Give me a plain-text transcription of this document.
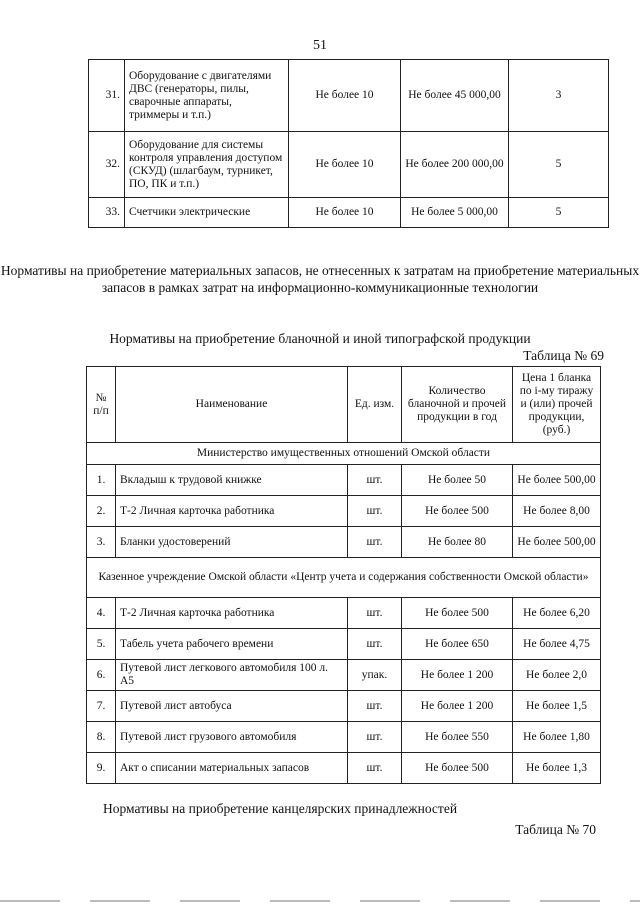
51
31.	Оборудование с двигателями ДВС (генераторы, пилы, сварочные аппараты, триммеры и т.п.)	Не более 10	Не более 45 000,00	3
32.	Оборудование для системы контроля управления доступом (СКУД) (шлагбаум, турникет, ПО, ПК и т.п.)	Не более 10	Не более 200 000,00	5
33.	Счетчики электрические	Не более 10	Не более 5 000,00	5
Нормативы на приобретение материальных запасов, не отнесенных к затратам на приобретение материальных запасов в рамках затрат на информационно-коммуникационные технологии
Нормативы на приобретение бланочной и иной типографской продукции
Таблица № 69
№ п/п	Наименование	Ед. изм.	Количество бланочной и прочей продукции в год	Цена 1 бланка по i-му тиражу и (или) прочей продукции, (руб.)
Министерство имущественных отношений Омской области				
1.	Вкладыш к трудовой книжке	шт.	Не более 50	Не более 500,00
2.	Т-2 Личная карточка работника	шт.	Не более 500	Не более 8,00
3.	Бланки удостоверений	шт.	Не более 80	Не более 500,00
Казенное учреждение Омской области «Центр учета и содержания собственности Омской области»				
4.	Т-2 Личная карточка работника	шт.	Не более 500	Не более 6,20
5.	Табель учета рабочего времени	шт.	Не более 650	Не более 4,75
6.	Путевой лист легкового автомобиля 100 л. А5	упак.	Не более 1 200	Не более 2,0
7.	Путевой лист автобуса	шт.	Не более 1 200	Не более 1,5
8.	Путевой лист грузового автомобиля	шт.	Не более 550	Не более 1,80
9.	Акт о списании материальных запасов	шт.	Не более 500	Не более 1,3
Нормативы на приобретение канцелярских принадлежностей
Таблица № 70
